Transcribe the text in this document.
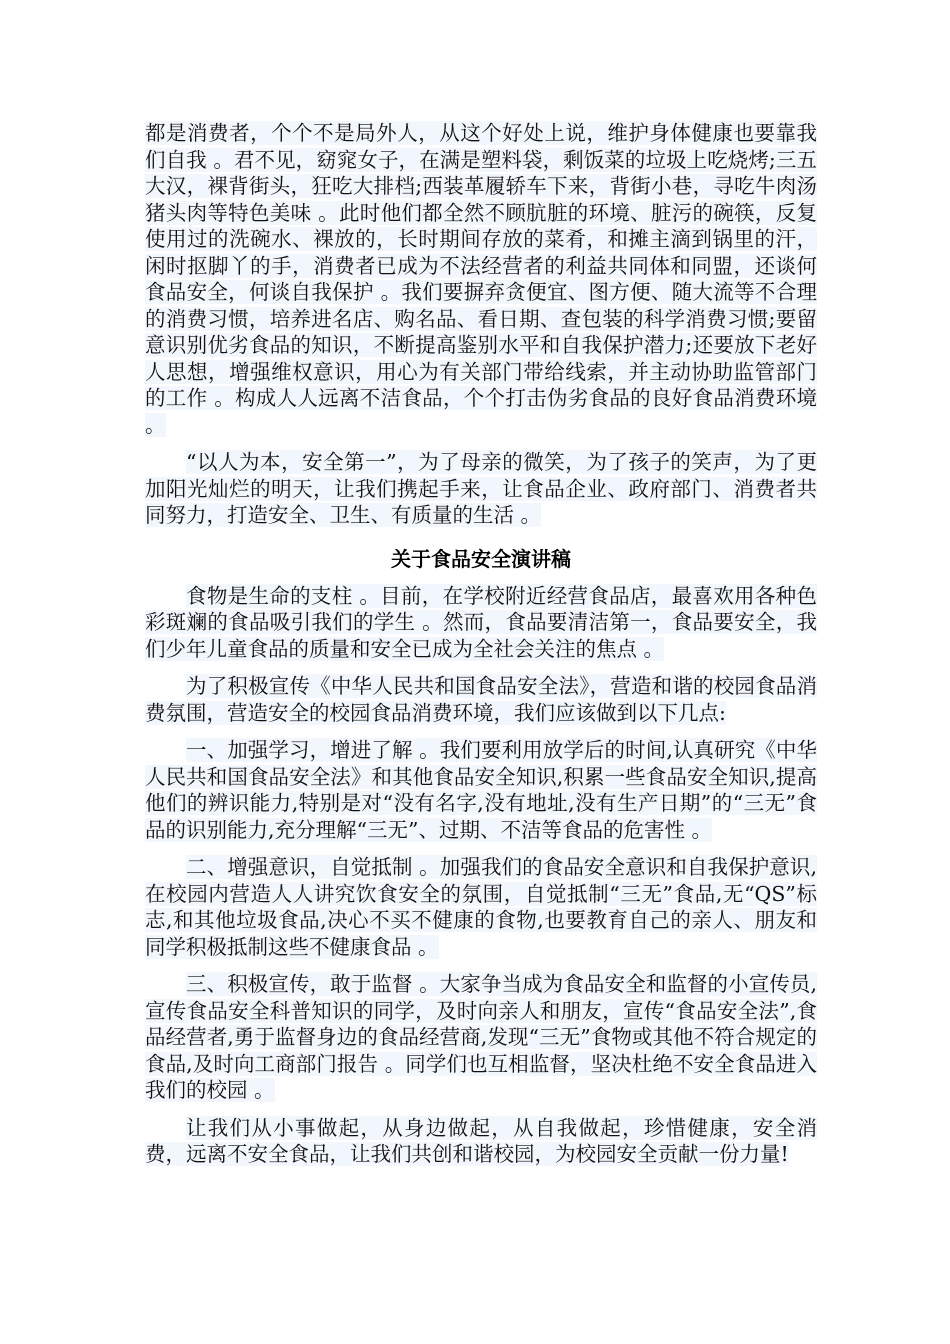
都是消费者，个个不是局外人，从这个好处上说，维护身体健康也要靠我们自我 。君不见，窈窕女子，在满是塑料袋，剩饭菜的垃圾上吃烧烤;三五大汉，裸背街头，狂吃大排档;西装革履轿车下来，背街小巷，寻吃牛肉汤猪头肉等特色美味 。此时他们都全然不顾肮脏的环境、脏污的碗筷，反复使用过的洗碗水、裸放的，长时期间存放的菜肴，和摊主滴到锅里的汗，闲时抠脚丫的手，消费者已成为不法经营者的利益共同体和同盟，还谈何食品安全，何谈自我保护 。我们要摒弃贪便宜、图方便、随大流等不合理的消费习惯，培养进名店、购名品、看日期、查包装的科学消费习惯;要留意识别优劣食品的知识，不断提高鉴别水平和自我保护潜力;还要放下老好人思想，增强维权意识，用心为有关部门带给线索，并主动协助监管部门的工作 。构成人人远离不洁食品，个个打击伪劣食品的良好食品消费环境 。

“以人为本，安全第一”，为了母亲的微笑，为了孩子的笑声，为了更加阳光灿烂的明天，让我们携起手来，让食品企业、政府部门、消费者共同努力，打造安全、卫生、有质量的生活 。

关于食品安全演讲稿

食物是生命的支柱 。目前，在学校附近经营食品店，最喜欢用各种色彩斑斓的食品吸引我们的学生 。然而，食品要清洁第一，食品要安全，我们少年儿童食品的质量和安全已成为全社会关注的焦点 。

为了积极宣传《中华人民共和国食品安全法》，营造和谐的校园食品消费氛围，营造安全的校园食品消费环境，我们应该做到以下几点:

一、加强学习，增进了解 。我们要利用放学后的时间,认真研究《中华人民共和国食品安全法》和其他食品安全知识,积累一些食品安全知识,提高他们的辨识能力,特别是对“没有名字,没有地址,没有生产日期”的“三无”食品的识别能力,充分理解“三无”、过期、不洁等食品的危害性 。

二、增强意识，自觉抵制 。加强我们的食品安全意识和自我保护意识,在校园内营造人人讲究饮食安全的氛围，自觉抵制“三无”食品,无“QS”标志,和其他垃圾食品,决心不买不健康的食物,也要教育自己的亲人、朋友和同学积极抵制这些不健康食品 。

三、积极宣传，敢于监督 。大家争当成为食品安全和监督的小宣传员,宣传食品安全科普知识的同学，及时向亲人和朋友，宣传“食品安全法”,食品经营者,勇于监督身边的食品经营商,发现“三无”食物或其他不符合规定的食品,及时向工商部门报告 。同学们也互相监督，坚决杜绝不安全食品进入我们的校园 。

让我们从小事做起，从身边做起，从自我做起，珍惜健康，安全消费，远离不安全食品，让我们共创和谐校园，为校园安全贡献一份力量!
